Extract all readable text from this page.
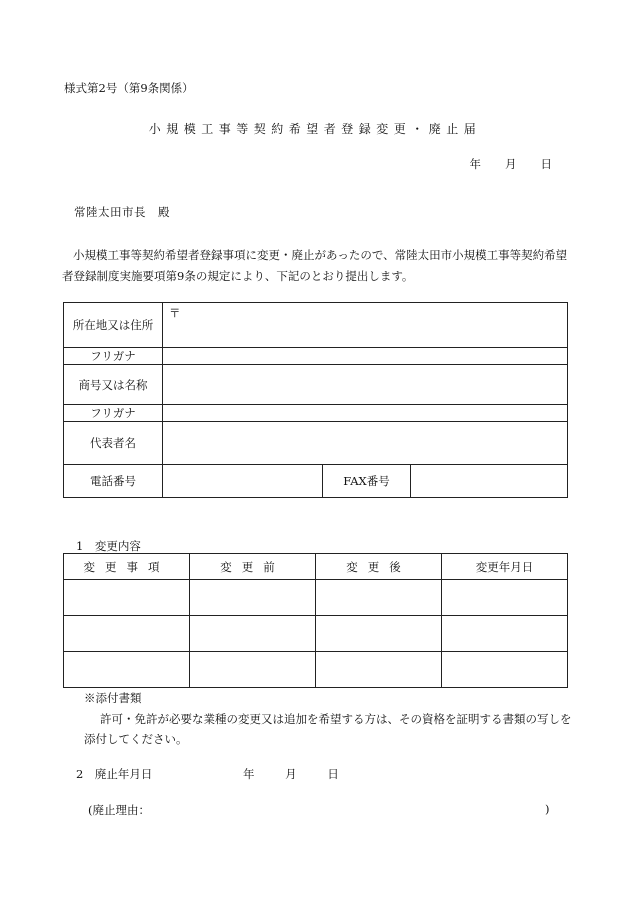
様式第2号（第9条関係）
小規模工事等契約希望者登録変更・廃止届
年 月 日
常陸太田市長　殿
小規模工事等契約希望者登録事項に変更・廃止があったので、常陸太田市小規模工事等契約希望者登録制度実施要項第9条の規定により、下記のとおり提出します。
所在地又は住所	〒		
フリガナ			
商号又は名称			
フリガナ			
代表者名			
電話番号		FAX番号	
1　変更内容
変更事項	変更前	変更後	変更年月日

※添付書類
許可・免許が必要な業種の変更又は追加を希望する方は、その資格を証明する書類の写しを添付してください。
2　廃止年月日	年	月	日
(廃止理由：	)
